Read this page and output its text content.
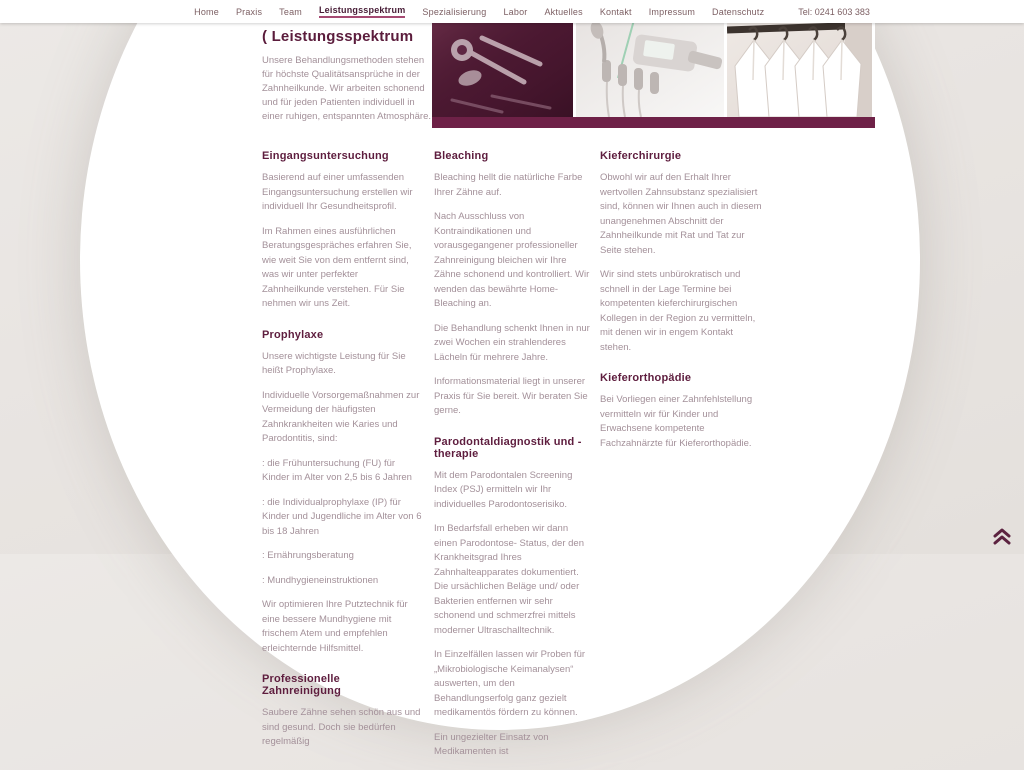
Home Praxis Team Leistungsspektrum Spezialisierung Labor Aktuelles Kontakt Impressum Datenschutz	Tel: 0241 603 383
( Leistungsspektrum

Unsere Behandlungsmethoden stehen für höchste Qualitätsansprüche in der Zahnheilkunde. Wir arbeiten schonend und für jeden Patienten individuell in einer ruhigen, entspannten Atmosphäre.

Eingangsuntersuchung

Basierend auf einer umfassenden Eingangsuntersuchung erstellen wir individuell Ihr Gesundheitsprofil.

Im Rahmen eines ausführlichen Beratungsgespräches erfahren Sie, wie weit Sie von dem entfernt sind, was wir unter perfekter Zahnheilkunde verstehen. Für Sie nehmen wir uns Zeit.

Prophylaxe

Unsere wichtigste Leistung für Sie heißt Prophylaxe.

Individuelle Vorsorgemaßnahmen zur Vermeidung der häufigsten Zahnkrankheiten wie Karies und Parodontitis, sind:

: die Frühuntersuchung (FU) für Kinder im Alter von 2,5 bis 6 Jahren

: die Individualprophylaxe (IP) für Kinder und Jugendliche im Alter von 6 bis 18 Jahren

: Ernährungsberatung

: Mundhygieneinstruktionen

Wir optimieren Ihre Putztechnik für eine bessere Mundhygiene mit frischem Atem und empfehlen erleichternde Hilfsmittel.

Professionelle Zahnreinigung

Saubere Zähne sehen schön aus und sind gesund. Doch sie bedürfen regelmäßig

Bleaching

Bleaching hellt die natürliche Farbe Ihrer Zähne auf.

Nach Ausschluss von Kontraindikationen und vorausgegangener professioneller Zahnreinigung bleichen wir Ihre Zähne schonend und kontrolliert. Wir wenden das bewährte Home-Bleaching an.

Die Behandlung schenkt Ihnen in nur zwei Wochen ein strahlenderes Lächeln für mehrere Jahre.

Informationsmaterial liegt in unserer Praxis für Sie bereit. Wir beraten Sie gerne.

Parodontaldiagnostik und -therapie

Mit dem Parodontalen Screening Index (PSJ) ermitteln wir Ihr individuelles Parodontoserisiko.

Im Bedarfsfall erheben wir dann einen Parodontose- Status, der den Krankheitsgrad Ihres Zahnhalteapparates dokumentiert. Die ursächlichen Beläge und/ oder Bakterien entfernen wir sehr schonend und schmerzfrei mittels moderner Ultraschalltechnik.

In Einzelfällen lassen wir Proben für „Mikrobiologische Keimanalysen“ auswerten, um den Behandlungserfolg ganz gezielt medikamentös fördern zu können.

Ein ungezielter Einsatz von Medikamenten ist

Kieferchirurgie

Obwohl wir auf den Erhalt Ihrer wertvollen Zahnsubstanz spezialisiert sind, können wir Ihnen auch in diesem unangenehmen Abschnitt der Zahnheilkunde mit Rat und Tat zur Seite stehen.

Wir sind stets unbürokratisch und schnell in der Lage Termine bei kompetenten kieferchirurgischen Kollegen in der Region zu vermitteln, mit denen wir in engem Kontakt stehen.

Kieferorthopädie

Bei Vorliegen einer Zahnfehlstellung vermitteln wir für Kinder und Erwachsene kompetente Fachzahnärzte für Kieferorthopädie.
